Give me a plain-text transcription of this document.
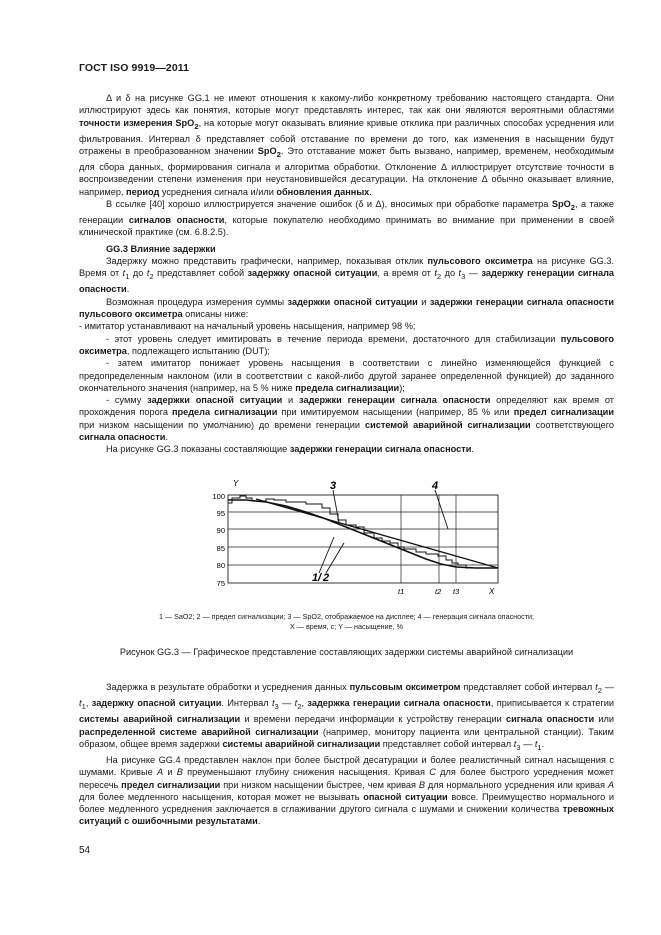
ГОСТ ISO 9919—2011

Δ и δ на рисунке GG.1 не имеют отношения к какому-либо конкретному требованию настоящего стандарта. Они иллюстрируют здесь как понятия, которые могут представлять интерес, так как они являются вероятными областями точности измерения SpO$_2$, на которые могут оказывать влияние кривые отклика при различных способах усреднения или фильтрования. Интервал δ представляет собой отставание по времени до того, как изменения в насыщении будут отражены в преобразованном значении SpO$_2$. Это отставание может быть вызвано, например, временем, необходимым для сбора данных, формирования сигнала и алгоритма обработки. Отклонение Δ иллюстрирует отсутствие точности в воспроизведении степени изменения при неустановившейся десатурации. На отклонение Δ обычно оказывает влияние, например, период усреднения сигнала и/или обновления данных.

В ссылке [40] хорошо иллюстрируется значение ошибок (δ и Δ), вносимых при обработке параметра SpO$_2$, а также генерации сигналов опасности, которые покупателю необходимо принимать во внимание при применении в своей клинической практике (см. 6.8.2.5).

GG.3 Влияние задержки

Задержку можно представить графически, например, показывая отклик пульсового оксиметра на рисунке GG.3. Время от $t_1$ до $t_2$ представляет собой задержку опасной ситуации, а время от $t_2$ до $t_3$ — задержку генерации сигнала опасности.

Возможная процедура измерения суммы задержки опасной ситуации и задержки генерации сигнала опасности пульсового оксиметра описаны ниже:

- имитатор устанавливают на начальный уровень насыщения, например 98 %;

- этот уровень следует имитировать в течение периода времени, достаточного для стабилизации пульсового оксиметра, подлежащего испытанию (DUT);

- затем имитатор понижает уровень насыщения в соответствии с линейно изменяющейся функцией с предопределенным наклоном (или в соответствии с какой-либо другой заранее определенной функцией) до заданного окончательного значения (например, на 5 % ниже предела сигнализации);

- сумму задержки опасной ситуации и задержки генерации сигнала опасности определяют как время от прохождения порога предела сигнализации при имитируемом насыщении (например, 85 % или предел сигнализации при низком насыщении по умолчанию) до времени генерации системой аварийной сигнализации соответствующего сигнала опасности.

На рисунке GG.3 показаны составляющие задержки генерации сигнала опасности.

Y
100
95
90
85
80
75
3	4
1 / 2
t1	t2 t3	X
1 — SaO2; 2 — предел сигнализации; 3 — SpO2, отображаемое на дисплее; 4 — генерация сигнала опасности;
X — время, с; Y — насыщение, %
Рисунок GG.3 — Графическое представление составляющих задержки системы аварийной сигнализации

Задержка в результате обработки и усреднения данных пульсовым оксиметром представляет собой интервал $t_2$ — $t_1$, задержку опасной ситуации. Интервал $t_3$ — $t_2$, задержка генерации сигнала опасности, приписывается к стратегии системы аварийной сигнализации и времени передачи информации к устройству генерации сигнала опасности или распределенной системе аварийной сигнализации (например, монитору пациента или центральной станции). Таким образом, общее время задержки системы аварийной сигнализации представляет собой интервал $t_3$ — $t_1$.

На рисунке GG.4 представлен наклон при более быстрой десатурации и более реалистичный сигнал насыщения с шумами. Кривые A и B преуменьшают глубину снижения насыщения. Кривая C для более быстрого усреднения может пересечь предел сигнализации при низком насыщении быстрее, чем кривая B для нормального усреднения или кривая A для более медленного насыщения, которая может не вызывать опасной ситуации вовсе. Преимущество нормального и более медленного усреднения заключается в сглаживании другого сигнала с шумами и снижении количества тревожных ситуаций с ошибочными результатами.

54
